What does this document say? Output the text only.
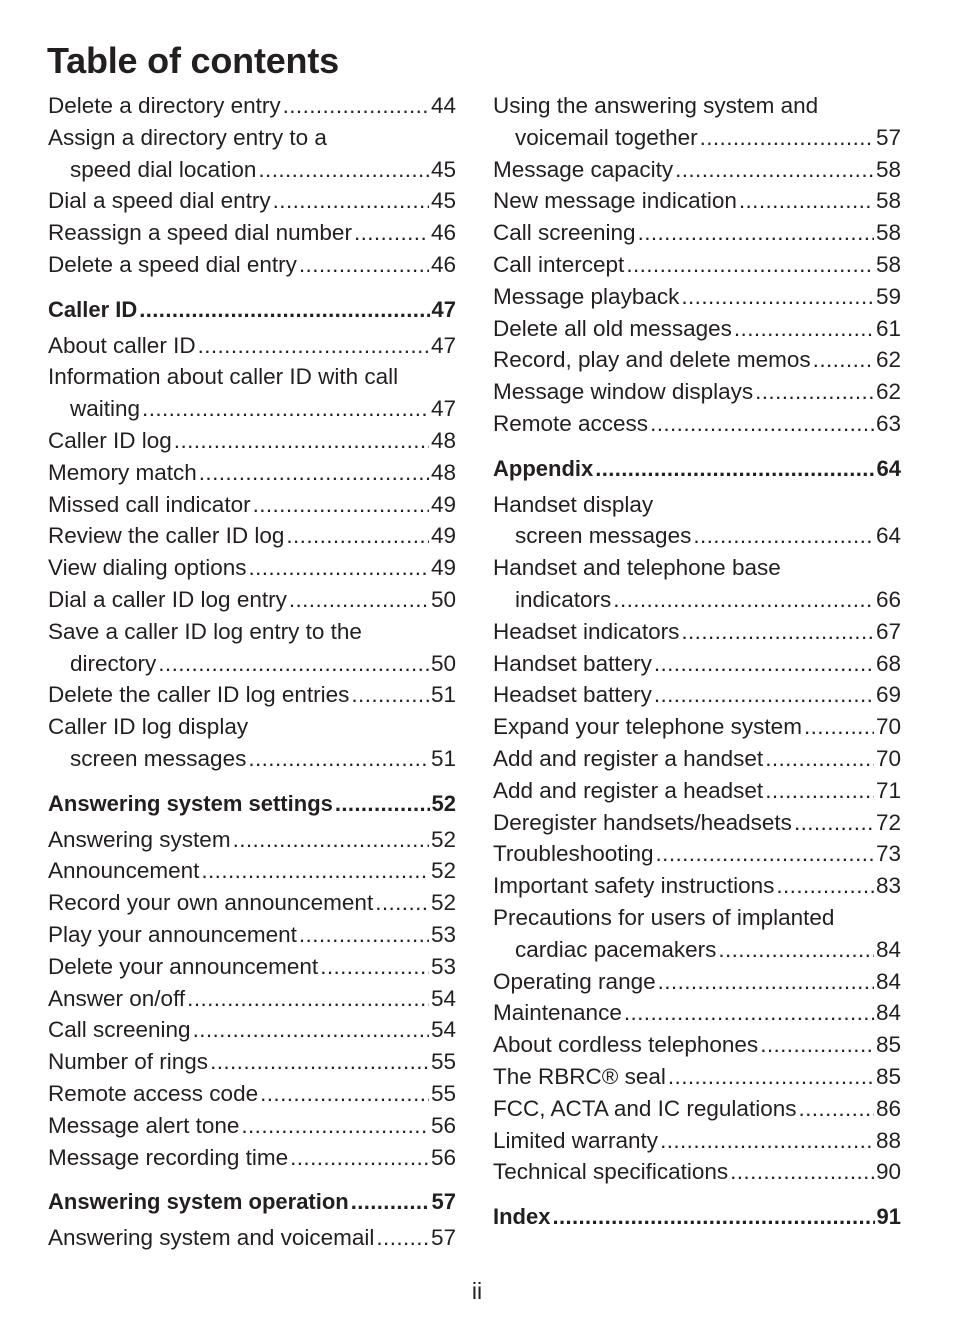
Table of contents
Delete a directory entry .....	44
Assign a directory entry to a
speed dial location .....	45
Dial a speed dial entry .....	45
Reassign a speed dial number .....	46
Delete a speed dial entry .....	46
Caller ID .....	47
About caller ID .....	47
Information about caller ID with call
waiting .....	47
Caller ID log .....	48
Memory match .....	48
Missed call indicator .....	49
Review the caller ID log .....	49
View dialing options .....	49
Dial a caller ID log entry .....	50
Save a caller ID log entry to the
directory .....	50
Delete the caller ID log entries .....	51
Caller ID log display
screen messages .....	51
Answering system settings .....	52
Answering system .....	52
Announcement .....	52
Record your own announcement .....	52
Play your announcement .....	53
Delete your announcement .....	53
Answer on/off .....	54
Call screening .....	54
Number of rings .....	55
Remote access code .....	55
Message alert tone .....	56
Message recording time .....	56
Answering system operation .....	57
Answering system and voicemail .....	57
Using the answering system and
voicemail together .....	57
Message capacity .....	58
New message indication .....	58
Call screening .....	58
Call intercept .....	58
Message playback .....	59
Delete all old messages .....	61
Record, play and delete memos .....	62
Message window displays .....	62
Remote access .....	63
Appendix .....	64
Handset display
screen messages .....	64
Handset and telephone base
indicators .....	66
Headset indicators .....	67
Handset battery .....	68
Headset battery .....	69
Expand your telephone system .....	70
Add and register a handset .....	70
Add and register a headset .....	71
Deregister handsets/headsets .....	72
Troubleshooting .....	73
Important safety instructions .....	83
Precautions for users of implanted
cardiac pacemakers .....	84
Operating range .....	84
Maintenance .....	84
About cordless telephones .....	85
The RBRC® seal .....	85
FCC, ACTA and IC regulations .....	86
Limited warranty .....	88
Technical specifications .....	90
Index .....	91
ii
